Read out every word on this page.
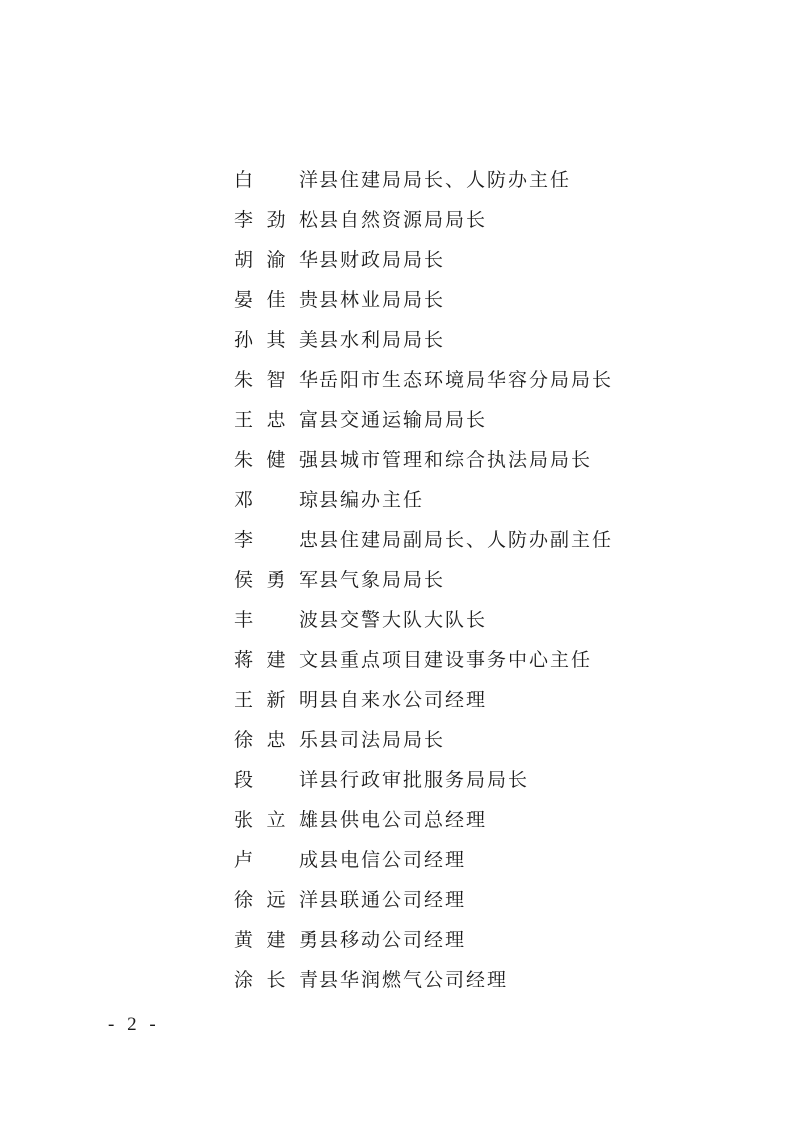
白 洋 县住建局局长、人防办主任
李劲松 县自然资源局局长
胡渝华 县财政局局长
晏佳贵 县林业局局长
孙其美 县水利局局长
朱智华 岳阳市生态环境局华容分局局长
王忠富 县交通运输局局长
朱健强 县城市管理和综合执法局局长
邓 琼 县编办主任
李 忠 县住建局副局长、人防办副主任
侯勇军 县气象局局长
丰 波 县交警大队大队长
蒋建文 县重点项目建设事务中心主任
王新明 县自来水公司经理
徐忠乐 县司法局局长
段 详 县行政审批服务局局长
张立雄 县供电公司总经理
卢 成 县电信公司经理
徐远洋 县联通公司经理
黄建勇 县移动公司经理
涂长青 县华润燃气公司经理
- 2 -
